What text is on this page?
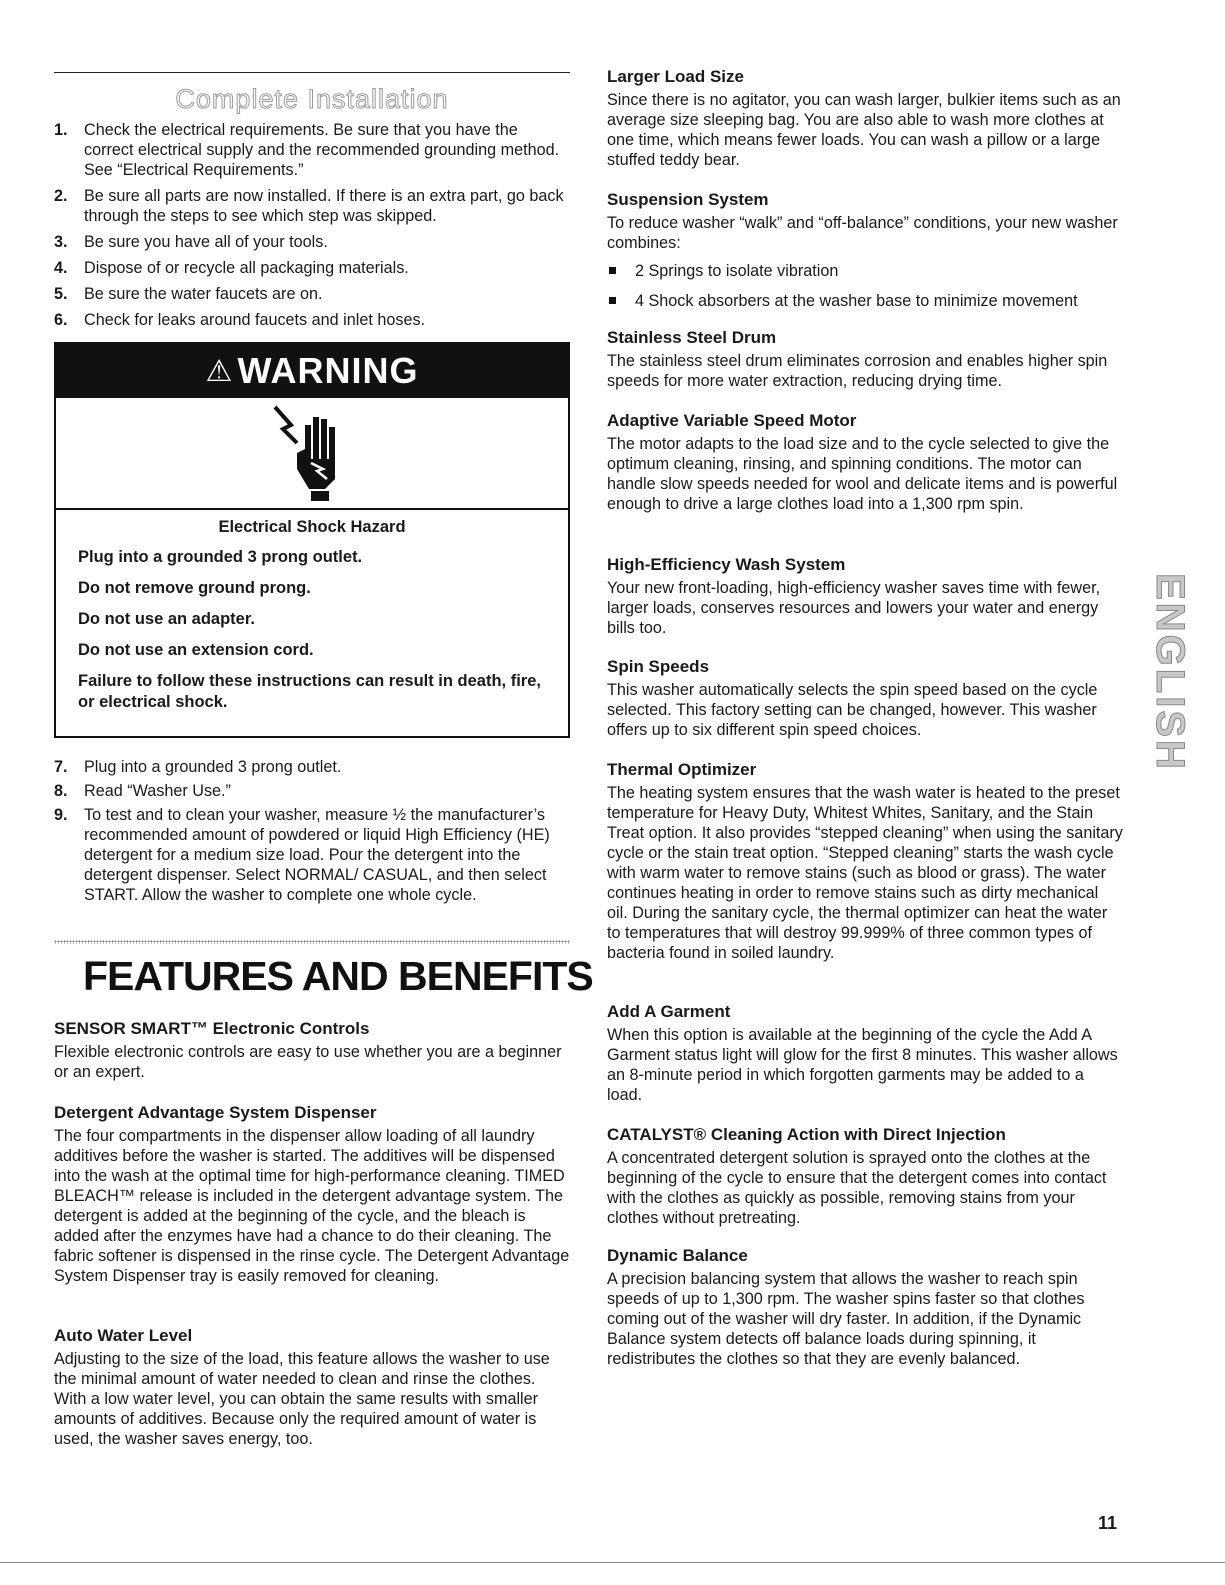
Complete Installation
1. Check the electrical requirements. Be sure that you have the correct electrical supply and the recommended grounding method. See “Electrical Requirements.”
2. Be sure all parts are now installed. If there is an extra part, go back through the steps to see which step was skipped.
3. Be sure you have all of your tools.
4. Dispose of or recycle all packaging materials.
5. Be sure the water faucets are on.
6. Check for leaks around faucets and inlet hoses.
⚠ WARNING
Electrical Shock Hazard
Plug into a grounded 3 prong outlet.
Do not remove ground prong.
Do not use an adapter.
Do not use an extension cord.
Failure to follow these instructions can result in death, fire, or electrical shock.
7. Plug into a grounded 3 prong outlet.
8. Read “Washer Use.”
9. To test and to clean your washer, measure ½ the manufacturer’s recommended amount of powdered or liquid High Efficiency (HE) detergent for a medium size load. Pour the detergent into the detergent dispenser. Select NORMAL/ CASUAL, and then select START. Allow the washer to complete one whole cycle.
FEATURES AND BENEFITS
SENSOR SMART™ Electronic Controls

Flexible electronic controls are easy to use whether you are a beginner or an expert.

Detergent Advantage System Dispenser

The four compartments in the dispenser allow loading of all laundry additives before the washer is started. The additives will be dispensed into the wash at the optimal time for high-performance cleaning. TIMED BLEACH™ release is included in the detergent advantage system. The detergent is added at the beginning of the cycle, and the bleach is added after the enzymes have had a chance to do their cleaning. The fabric softener is dispensed in the rinse cycle. The Detergent Advantage System Dispenser tray is easily removed for cleaning.

Auto Water Level

Adjusting to the size of the load, this feature allows the washer to use the minimal amount of water needed to clean and rinse the clothes. With a low water level, you can obtain the same results with smaller amounts of additives. Because only the required amount of water is used, the washer saves energy, too.

Larger Load Size

Since there is no agitator, you can wash larger, bulkier items such as an average size sleeping bag. You are also able to wash more clothes at one time, which means fewer loads. You can wash a pillow or a large stuffed teddy bear.

Suspension System

To reduce washer “walk” and “off-balance” conditions, your new washer combines:

2 Springs to isolate vibration
4 Shock absorbers at the washer base to minimize movement
Stainless Steel Drum

The stainless steel drum eliminates corrosion and enables higher spin speeds for more water extraction, reducing drying time.

Adaptive Variable Speed Motor

The motor adapts to the load size and to the cycle selected to give the optimum cleaning, rinsing, and spinning conditions. The motor can handle slow speeds needed for wool and delicate items and is powerful enough to drive a large clothes load into a 1,300 rpm spin.

High-Efficiency Wash System

Your new front-loading, high-efficiency washer saves time with fewer, larger loads, conserves resources and lowers your water and energy bills too.

Spin Speeds

This washer automatically selects the spin speed based on the cycle selected. This factory setting can be changed, however. This washer offers up to six different spin speed choices.

Thermal Optimizer

The heating system ensures that the wash water is heated to the preset temperature for Heavy Duty, Whitest Whites, Sanitary, and the Stain Treat option. It also provides “stepped cleaning” when using the sanitary cycle or the stain treat option. “Stepped cleaning” starts the wash cycle with warm water to remove stains (such as blood or grass). The water continues heating in order to remove stains such as dirty mechanical oil. During the sanitary cycle, the thermal optimizer can heat the water to temperatures that will destroy 99.999% of three common types of bacteria found in soiled laundry.

Add A Garment

When this option is available at the beginning of the cycle the Add A Garment status light will glow for the first 8 minutes. This washer allows an 8-minute period in which forgotten garments may be added to a load.

CATALYST® Cleaning Action with Direct Injection

A concentrated detergent solution is sprayed onto the clothes at the beginning of the cycle to ensure that the detergent comes into contact with the clothes as quickly as possible, removing stains from your clothes without pretreating.

Dynamic Balance

A precision balancing system that allows the washer to reach spin speeds of up to 1,300 rpm. The washer spins faster so that clothes coming out of the washer will dry faster. In addition, if the Dynamic Balance system detects off balance loads during spinning, it redistributes the clothes so that they are evenly balanced.

ENGLISH
11
